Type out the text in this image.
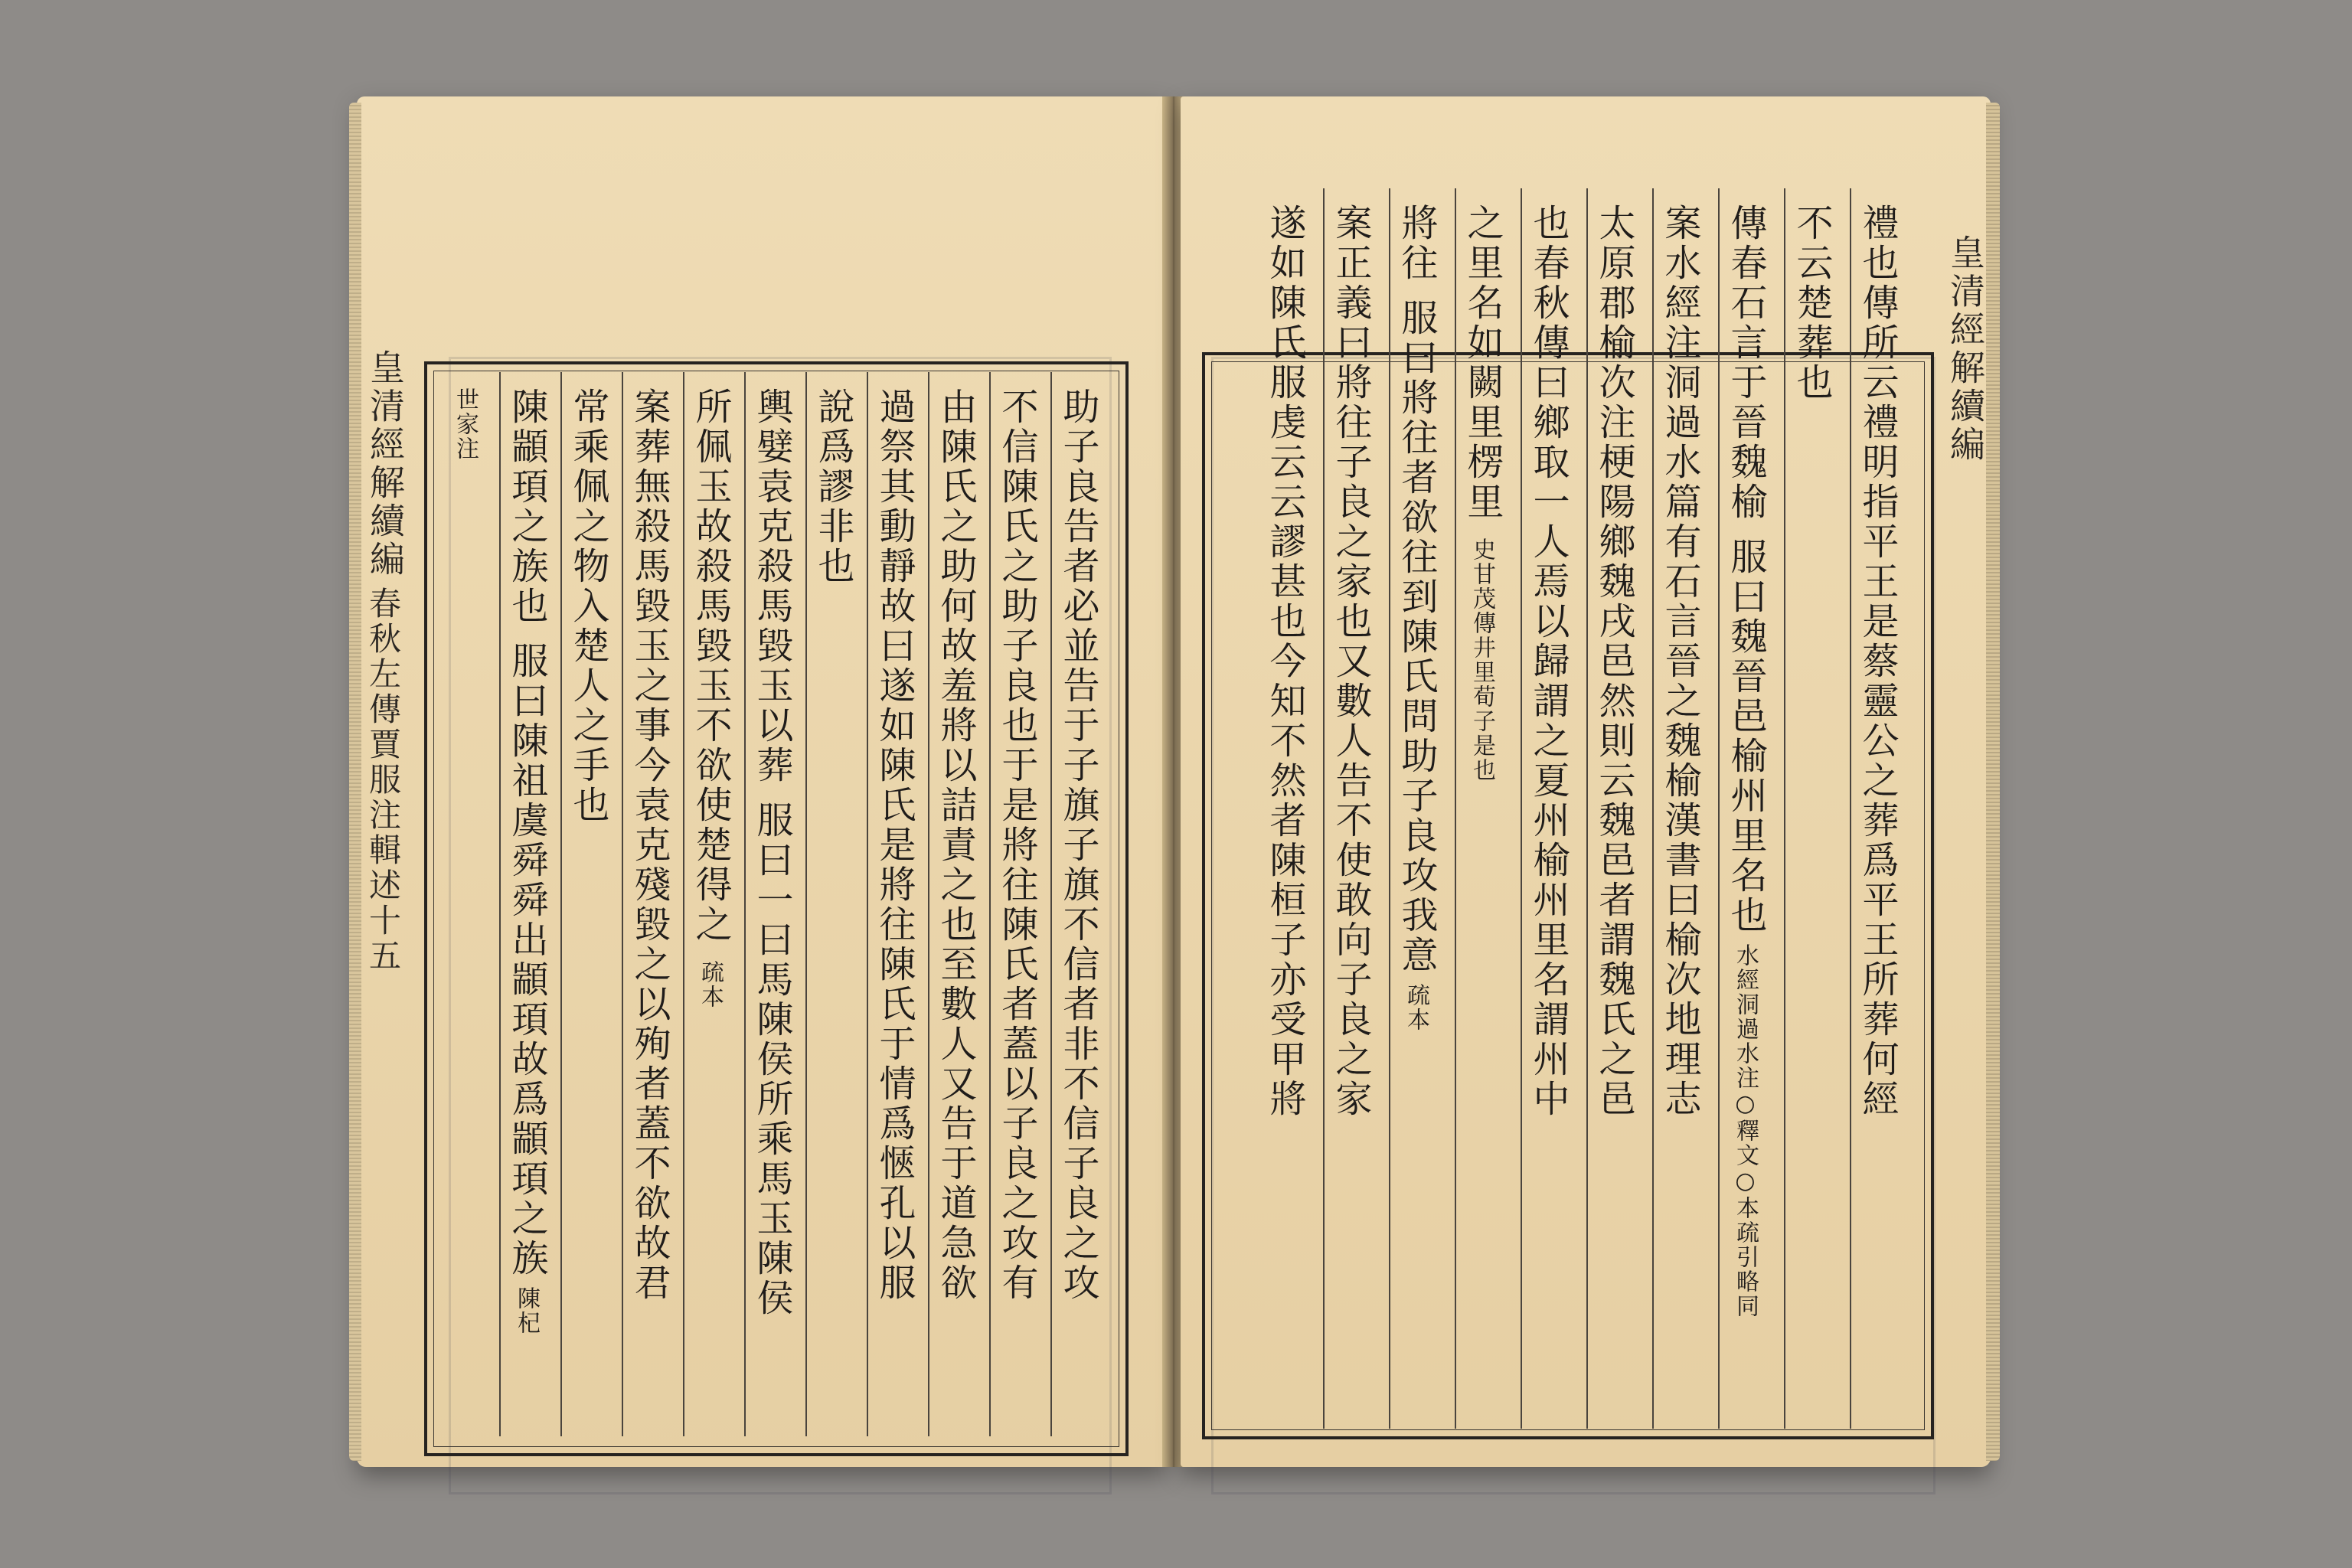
皇清經解續編
春秋左傳賈服注輯述十五	助子良告者必並告于子旗子旗不信者非不信子良之攻
不信陳氏之助子良也于是將往陳氏者蓋以子良之攻有
由陳氏之助何故羞將以詰責之也至數人又告于道急欲
過祭其動靜故曰遂如陳氏是將往陳氏于情爲愜孔以服
說爲謬非也
輿嬖袁克殺馬毀玉以葬
服曰一曰馬陳侯所乘馬玉陳侯
所佩玉故殺馬毀玉不欲使楚得之
疏本
案葬無殺馬毀玉之事今袁克殘毀之以殉者蓋不欲故君
常乘佩之物入楚人之手也
陳顓頊之族也
服曰陳祖虞舜舜出顓頊故爲顓頊之族
陳杞
世家注	皇清經解續編
禮也傳所云禮明指平王是蔡靈公之葬爲平王所葬何經
不云楚葬也
傳春石言于晉魏榆
服曰魏晉邑榆州里名也
水經洞過水注○釋文○本疏引略同
案水經注洞過水篇有石言晉之魏榆漢書曰榆次地理志
太原郡榆次注梗陽鄉魏戌邑然則云魏邑者謂魏氏之邑
也春秋傳曰鄉取一人焉以歸謂之夏州榆州里名謂州中
之里名如闕里楞里
史甘茂傳井里荀子是也
將往
服曰將往者欲往到陳氏問助子良攻我意
疏本
案正義曰將往子良之家也又數人告不使敢向子良之家
遂如陳氏服虔云云謬甚也今知不然者陳桓子亦受甲將
